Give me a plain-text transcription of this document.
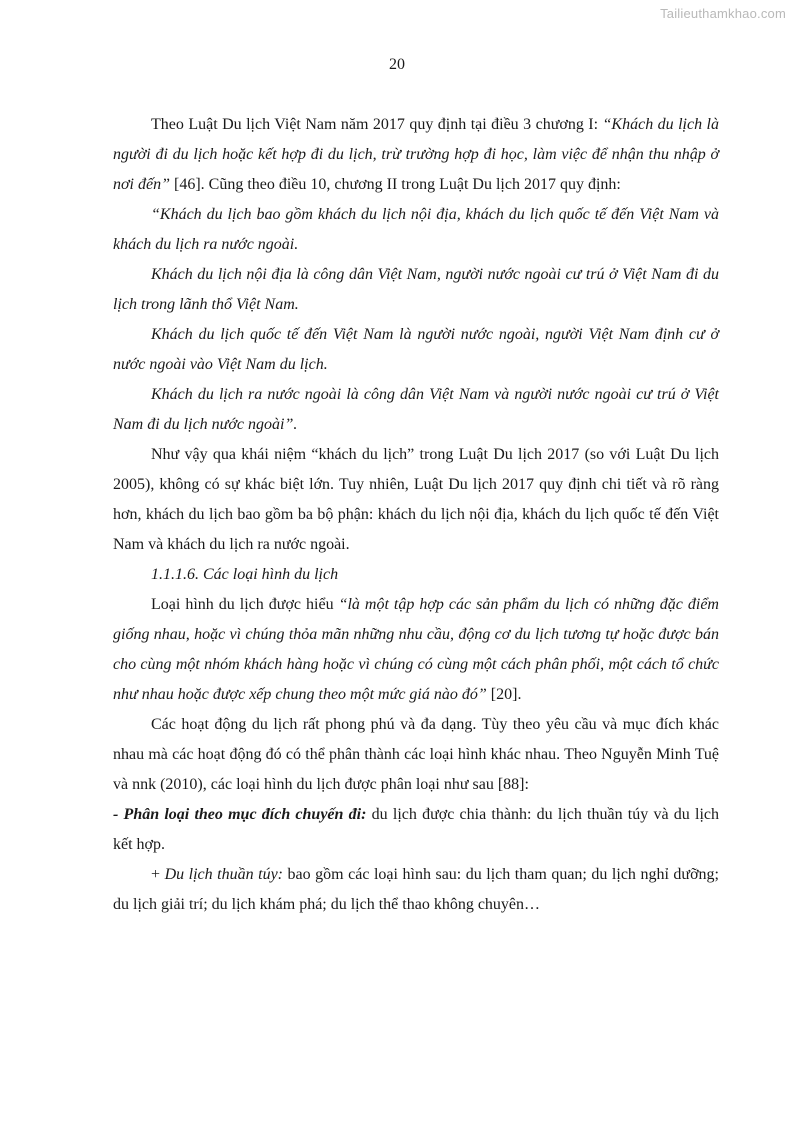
Tailieuthamkhao.com
20

Theo Luật Du lịch Việt Nam năm 2017 quy định tại điều 3 chương I: “Khách du lịch là người đi du lịch hoặc kết hợp đi du lịch, trừ trường hợp đi học, làm việc để nhận thu nhập ở nơi đến” [46]. Cũng theo điều 10, chương II trong Luật Du lịch 2017 quy định:

“Khách du lịch bao gồm khách du lịch nội địa, khách du lịch quốc tế đến Việt Nam và khách du lịch ra nước ngoài.

Khách du lịch nội địa là công dân Việt Nam, người nước ngoài cư trú ở Việt Nam đi du lịch trong lãnh thổ Việt Nam.

Khách du lịch quốc tế đến Việt Nam là người nước ngoài, người Việt Nam định cư ở nước ngoài vào Việt Nam du lịch.

Khách du lịch ra nước ngoài là công dân Việt Nam và người nước ngoài cư trú ở Việt Nam đi du lịch nước ngoài”.

Như vậy qua khái niệm “khách du lịch” trong Luật Du lịch 2017 (so với Luật Du lịch 2005), không có sự khác biệt lớn. Tuy nhiên, Luật Du lịch 2017 quy định chi tiết và rõ ràng hơn, khách du lịch bao gồm ba bộ phận: khách du lịch nội địa, khách du lịch quốc tế đến Việt Nam và khách du lịch ra nước ngoài.

1.1.1.6. Các loại hình du lịch

Loại hình du lịch được hiểu “là một tập hợp các sản phẩm du lịch có những đặc điểm giống nhau, hoặc vì chúng thỏa mãn những nhu cầu, động cơ du lịch tương tự hoặc được bán cho cùng một nhóm khách hàng hoặc vì chúng có cùng một cách phân phối, một cách tổ chức như nhau hoặc được xếp chung theo một mức giá nào đó” [20].

Các hoạt động du lịch rất phong phú và đa dạng. Tùy theo yêu cầu và mục đích khác nhau mà các hoạt động đó có thể phân thành các loại hình khác nhau. Theo Nguyễn Minh Tuệ và nnk (2010), các loại hình du lịch được phân loại như sau [88]:

- Phân loại theo mục đích chuyến đi: du lịch được chia thành: du lịch thuần túy và du lịch kết hợp.

+ Du lịch thuần túy: bao gồm các loại hình sau: du lịch tham quan; du lịch nghỉ dưỡng; du lịch giải trí; du lịch khám phá; du lịch thể thao không chuyên…
